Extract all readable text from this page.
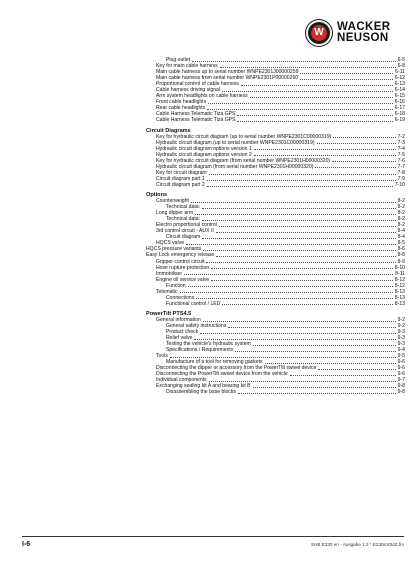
W
WACKER
NEUSON
Plug outlet	6-5
Key for main cable harness	6-8
Main cable harness up to serial number WNPE2301J00000259	6-11
Main cable harness from serial number WNPE2301P00000260	6-12
Proportional control of cable harness	6-13
Cable harness driving signal	6-14
Arm system headlights on cable harness	6-15
Front cable headlights	6-16
Rear cable headlights	6-17
Cable Harness Telematic Tiza GPS	6-18
Cable Harness Telematic Tiza GPS	6-19
Circuit Diagrams
Key for hydraulic circuit diagram (up to serial number WNPE2301C00000319)	7-2
Hydraulic circuit diagram (up to serial number WNPE2301C00000319)	7-3
Hydraulic circuit diagram options version 1	7-4
Hydraulic circuit diagram options version 2	7-5
Key for hydraulic circuit diagram (from serial number WNPE2301H00000320)	7-6
Hydraulic circuit diagram (from serial number WNPE2301H00000320)	7-7
Key for circuit diagram	7-8
Circuit diagram part 1	7-9
Circuit diagram part 2	7-10
Options
Counterweight	8-2
Technical data:	8-2
Long dipper arm	8-2
Technical data:	8-2
Electro proportional control	8-2
3rd control circuit - AUX II	8-4
Circuit diagram	8-4
HQCS valve	8-5
HQCS pressure variants	8-6
Easy Lock emergency release	8-8
Gripper control circuit	8-9
Hose rupture protection	8-10
Immobiliser	8-11
Engine oil service valve	8-12
Function	8-12
Telematic	8-13
Connections	8-13
Functional control / LED	8-13
PowerTilt PTS4.5
General information	9-2
General safety instructions	9-2
Product check	9-3
Relief valve	9-3
Testing the vehicle's hydraulic system	9-3
Specifications / Requirements	9-4
Tools	9-5
Manufacture of a tool for removing gaskets	9-6
Disconnecting the dipper or accessory from the PowerTilt swivel device	9-6
Disconnecting the PowerTilt swivel device from the vehicle	9-6
Individual components	9-7
Exchanging sealing kit A and bearing kit B	9-8
Disassembling the base blocks	9-8
I-6	SHB E230 en - Ausgabe 1.2 * E230s10t4Z.fm
